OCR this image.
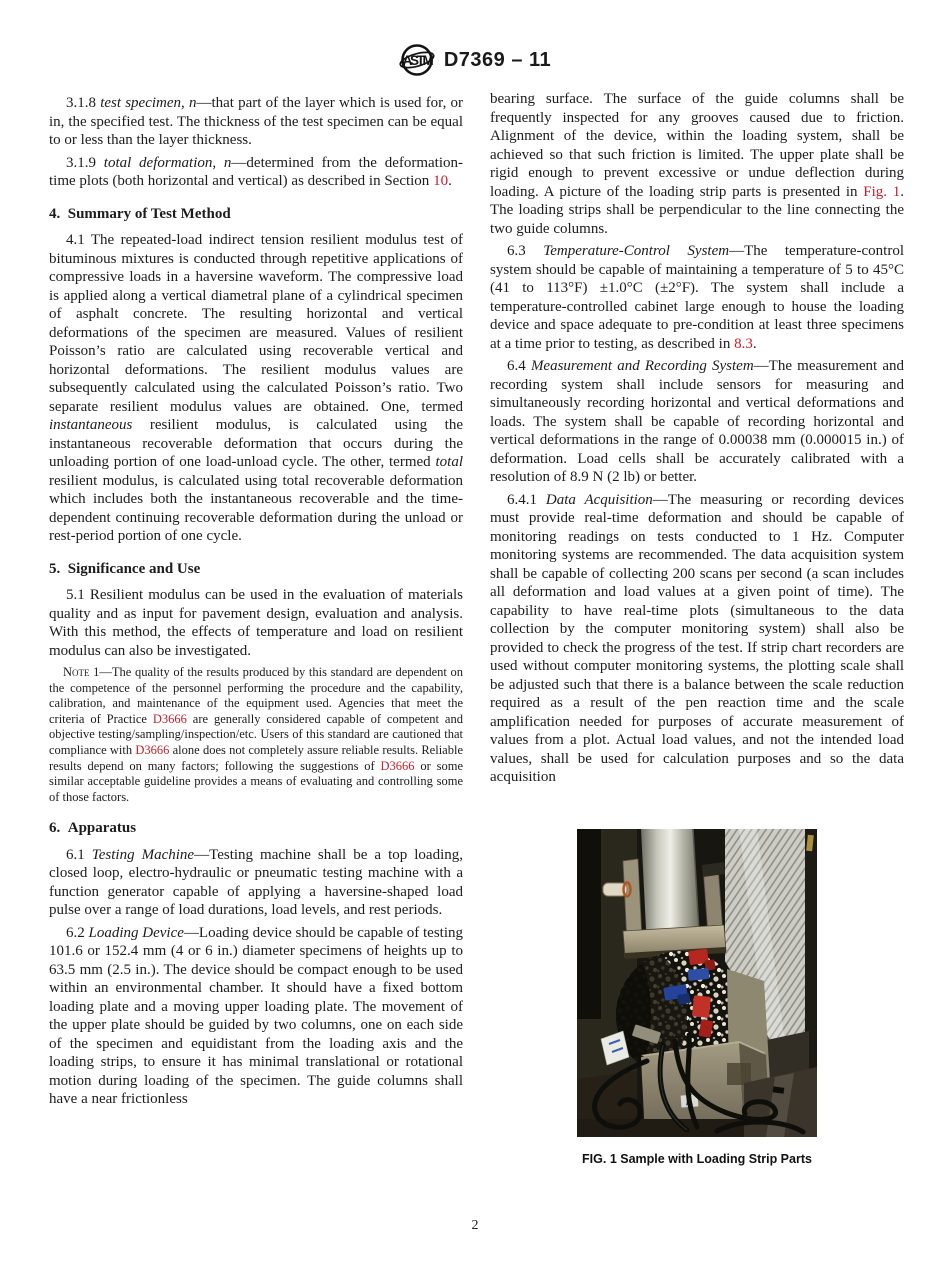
ASTM D7369 – 11

3.1.8 test specimen, n—that part of the layer which is used for, or in, the specified test. The thickness of the test specimen can be equal to or less than the layer thickness.

3.1.9 total deformation, n—determined from the deformation-time plots (both horizontal and vertical) as described in Section 10.

4. Summary of Test Method

4.1 The repeated-load indirect tension resilient modulus test of bituminous mixtures is conducted through repetitive applications of compressive loads in a haversine waveform. The compressive load is applied along a vertical diametral plane of a cylindrical specimen of asphalt concrete. The resulting horizontal and vertical deformations of the specimen are measured. Values of resilient Poisson’s ratio are calculated using recoverable vertical and horizontal deformations. The resilient modulus values are subsequently calculated using the calculated Poisson’s ratio. Two separate resilient modulus values are obtained. One, termed instantaneous resilient modulus, is calculated using the instantaneous recoverable deformation that occurs during the unloading portion of one load-unload cycle. The other, termed total resilient modulus, is calculated using total recoverable deformation which includes both the instantaneous recoverable and the time-dependent continuing recoverable deformation during the unload or rest-period portion of one cycle.

5. Significance and Use

5.1 Resilient modulus can be used in the evaluation of materials quality and as input for pavement design, evaluation and analysis. With this method, the effects of temperature and load on resilient modulus can also be investigated.

Note 1—The quality of the results produced by this standard are dependent on the competence of the personnel performing the procedure and the capability, calibration, and maintenance of the equipment used. Agencies that meet the criteria of Practice D3666 are generally considered capable of competent and objective testing/sampling/inspection/etc. Users of this standard are cautioned that compliance with D3666 alone does not completely assure reliable results. Reliable results depend on many factors; following the suggestions of D3666 or some similar acceptable guideline provides a means of evaluating and controlling some of those factors.

6. Apparatus

6.1 Testing Machine—Testing machine shall be a top loading, closed loop, electro-hydraulic or pneumatic testing machine with a function generator capable of applying a haversine-shaped load pulse over a range of load durations, load levels, and rest periods.

6.2 Loading Device—Loading device should be capable of testing 101.6 or 152.4 mm (4 or 6 in.) diameter specimens of heights up to 63.5 mm (2.5 in.). The device should be compact enough to be used within an environmental chamber. It should have a fixed bottom loading plate and a moving upper loading plate. The movement of the upper plate should be guided by two columns, one on each side of the specimen and equidistant from the loading axis and the loading strips, to ensure it has minimal translational or rotational motion during loading of the specimen. The guide columns shall have a near frictionless

bearing surface. The surface of the guide columns shall be frequently inspected for any grooves caused due to friction. Alignment of the device, within the loading system, shall be achieved so that such friction is limited. The upper plate shall be rigid enough to prevent excessive or undue deflection during loading. A picture of the loading strip parts is presented in Fig. 1. The loading strips shall be perpendicular to the line connecting the two guide columns.

6.3 Temperature-Control System—The temperature-control system should be capable of maintaining a temperature of 5 to 45°C (41 to 113°F) ±1.0°C (±2°F). The system shall include a temperature-controlled cabinet large enough to house the loading device and space adequate to pre-condition at least three specimens at a time prior to testing, as described in 8.3.

6.4 Measurement and Recording System—The measurement and recording system shall include sensors for measuring and simultaneously recording horizontal and vertical deformations and loads. The system shall be capable of recording horizontal and vertical deformations in the range of 0.00038 mm (0.000015 in.) of deformation. Load cells shall be accurately calibrated with a resolution of 8.9 N (2 lb) or better.

6.4.1 Data Acquisition—The measuring or recording devices must provide real-time deformation and should be capable of monitoring readings on tests conducted to 1 Hz. Computer monitoring systems are recommended. The data acquisition system shall be capable of collecting 200 scans per second (a scan includes all deformation and load values at a given point of time). The capability to have real-time plots (simultaneous to the data collection by the computer monitoring system) shall also be provided to check the progress of the test. If strip chart recorders are used without computer monitoring systems, the plotting scale shall be adjusted such that there is a balance between the scale reduction required as a result of the pen reaction time and the scale amplification needed for purposes of accurate measurement of values from a plot. Actual load values, and not the intended load values, shall be used for calculation purposes and so the data acquisition

A

FIG. 1 Sample with Loading Strip Parts

2
